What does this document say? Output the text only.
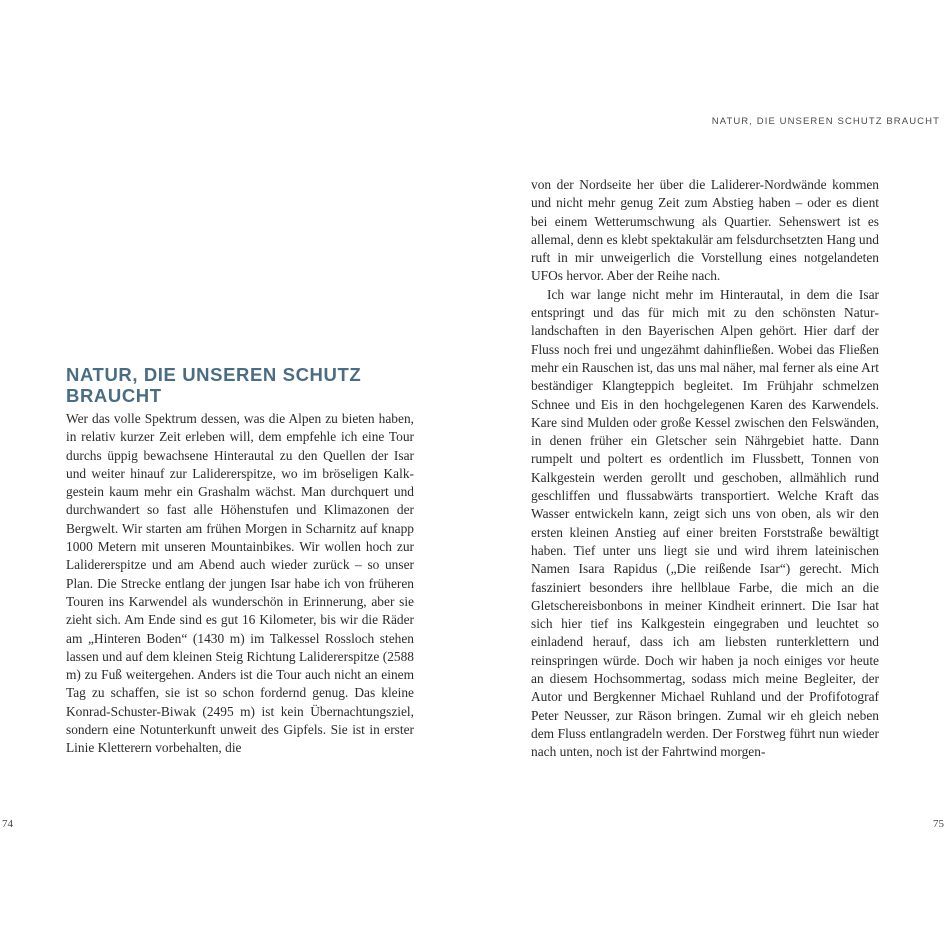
NATUR, DIE UNSEREN SCHUTZ BRAUCHT
NATUR, DIE UNSEREN SCHUTZ
BRAUCHT

Wer das volle Spektrum dessen, was die Alpen zu bieten haben, in relativ kurzer Zeit erleben will, dem empfehle ich eine Tour durchs üppig bewachsene Hinterautal zu den Quellen der Isar und weiter hinauf zur Lalidererspitze, wo im bröseligen Kalkgestein kaum mehr ein Grashalm wächst. Man durchquert und durchwandert so fast alle Höhenstufen und Klimazonen der Bergwelt. Wir starten am frühen Morgen in Scharnitz auf knapp 1000 Metern mit unseren Mountainbikes. Wir wollen hoch zur Lalidererspitze und am Abend auch wieder zurück – so unser Plan. Die Strecke entlang der jungen Isar habe ich von früheren Touren ins Karwendel als wunderschön in Erinnerung, aber sie zieht sich. Am Ende sind es gut 16 Kilometer, bis wir die Räder am „Hinteren Boden“ (1430 m) im Talkessel Rossloch stehen lassen und auf dem kleinen Steig Richtung Lalidererspitze (2588 m) zu Fuß weitergehen. Anders ist die Tour auch nicht an einem Tag zu schaffen, sie ist so schon fordernd genug. Das kleine Konrad-Schuster-Biwak (2495 m) ist kein Übernachtungsziel, sondern eine Notunterkunft unweit des Gipfels. Sie ist in erster Linie Kletterern vorbehalten, die

von der Nordseite her über die Laliderer-Nordwände kommen und nicht mehr genug Zeit zum Abstieg haben – oder es dient bei einem Wetterumschwung als Quartier. Sehenswert ist es allemal, denn es klebt spektakulär am felsdurchsetzten Hang und ruft in mir unweigerlich die Vorstellung eines notgelandeten UFOs hervor. Aber der Reihe nach.

Ich war lange nicht mehr im Hinterautal, in dem die Isar entspringt und das für mich mit zu den schönsten Naturlandschaften in den Bayerischen Alpen gehört. Hier darf der Fluss noch frei und ungezähmt dahinfließen. Wobei das Fließen mehr ein Rauschen ist, das uns mal näher, mal ferner als eine Art beständiger Klangteppich begleitet. Im Frühjahr schmelzen Schnee und Eis in den hochgelegenen Karen des Karwendels. Kare sind Mulden oder große Kessel zwischen den Felswänden, in denen früher ein Gletscher sein Nährgebiet hatte. Dann rumpelt und poltert es ordentlich im Flussbett, Tonnen von Kalkgestein werden gerollt und geschoben, allmählich rund geschliffen und flussabwärts transportiert. Welche Kraft das Wasser entwickeln kann, zeigt sich uns von oben, als wir den ersten kleinen Anstieg auf einer breiten Forststraße bewältigt haben. Tief unter uns liegt sie und wird ihrem lateinischen Namen Isara Rapidus („Die reißende Isar“) gerecht. Mich fasziniert besonders ihre hellblaue Farbe, die mich an die Gletschereisbonbons in meiner Kindheit erinnert. Die Isar hat sich hier tief ins Kalkgestein eingegraben und leuchtet so einladend herauf, dass ich am liebsten runterklettern und reinspringen würde. Doch wir haben ja noch einiges vor heute an diesem Hochsommertag, sodass mich meine Begleiter, der Autor und Bergkenner Michael Ruhland und der Profifotograf Peter Neusser, zur Räson bringen. Zumal wir eh gleich neben dem Fluss entlangradeln werden. Der Forstweg führt nun wieder nach unten, noch ist der Fahrtwind morgen-

74	75
